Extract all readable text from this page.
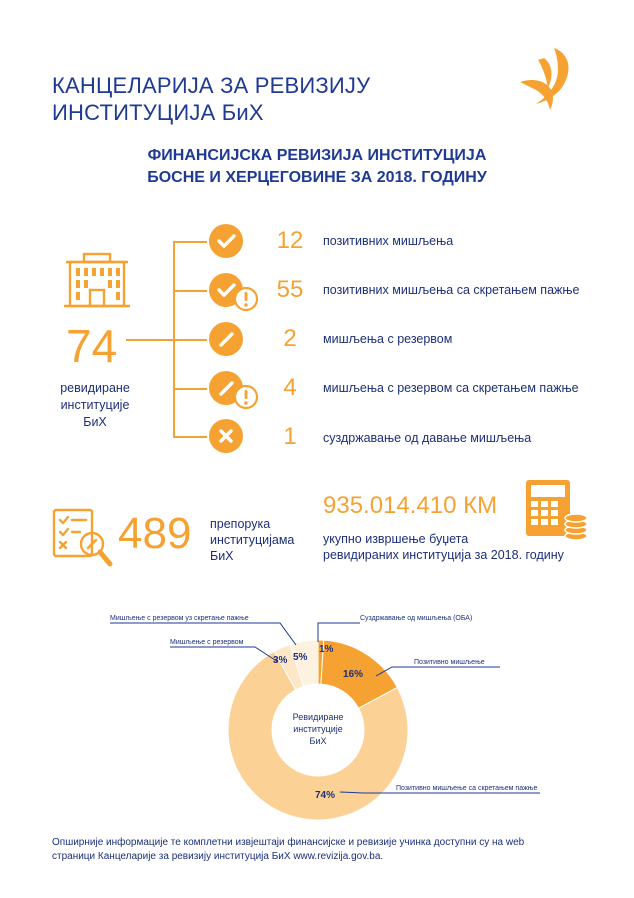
КАНЦЕЛАРИЈА ЗА РЕВИЗИЈУ
ИНСТИТУЦИЈА БиХ
ФИНАНСИЈСКА РЕВИЗИЈА ИНСТИТУЦИЈА
БОСНЕ И ХЕРЦЕГОВИНЕ ЗА 2018. ГОДИНУ
74
ревидиране
институције
БиХ
12	позитивних мишљења
55	позитивних мишљења са скретањем пажње
2	мишљења с резервом
4	мишљења с резервом са скретањем пажње
1	суздржавање од давање мишљења
489 препорука
институцијама
БиХ
935.014.410 КМ
укупно извршење буџета
ревидираних институција за 2018. годину
Ревидиране
институције
БиХ
Мишљење с резервом уз скретање пажње
Мишљење с резервом
Суздржавање од мишљења (ОБА)
Позитивно мишљење
Позитивно мишљење са скретањем пажње
1%
16%
74%
3% 5%
Опширније информације те комплетни извјештаји финансијске и ревизије учинка доступни су на web
страници Канцеларије за ревизију институција БиХ www.revizija.gov.ba.
